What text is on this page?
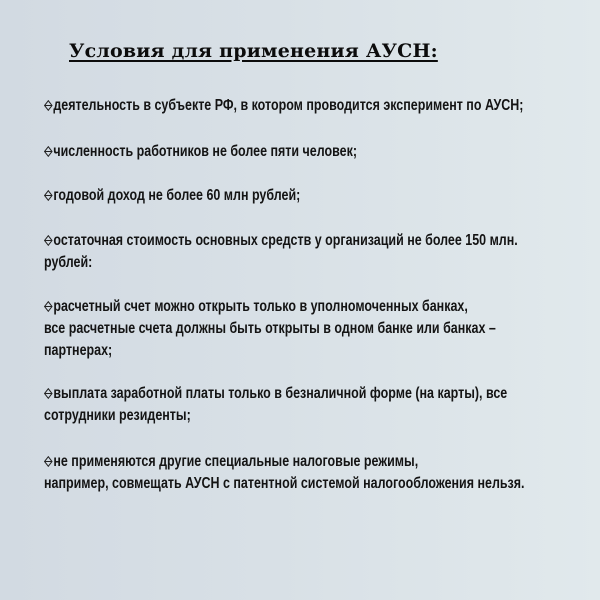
Условия для применения АУСН:
деятельность в субъекте РФ, в котором проводится эксперимент по АУСН;
численность работников не более пяти человек;
годовой доход не более 60 млн рублей;
остаточная стоимость основных средств у организаций не более 150 млн.
рублей:
расчетный счет можно открыть только в уполномоченных банках,
все расчетные счета должны быть открыты в одном банке или банках –
партнерах;
выплата заработной платы только в безналичной форме (на карты), все
сотрудники резиденты;
не применяются другие специальные налоговые режимы,
например, совмещать АУСН с патентной системой налогообложения нельзя.
